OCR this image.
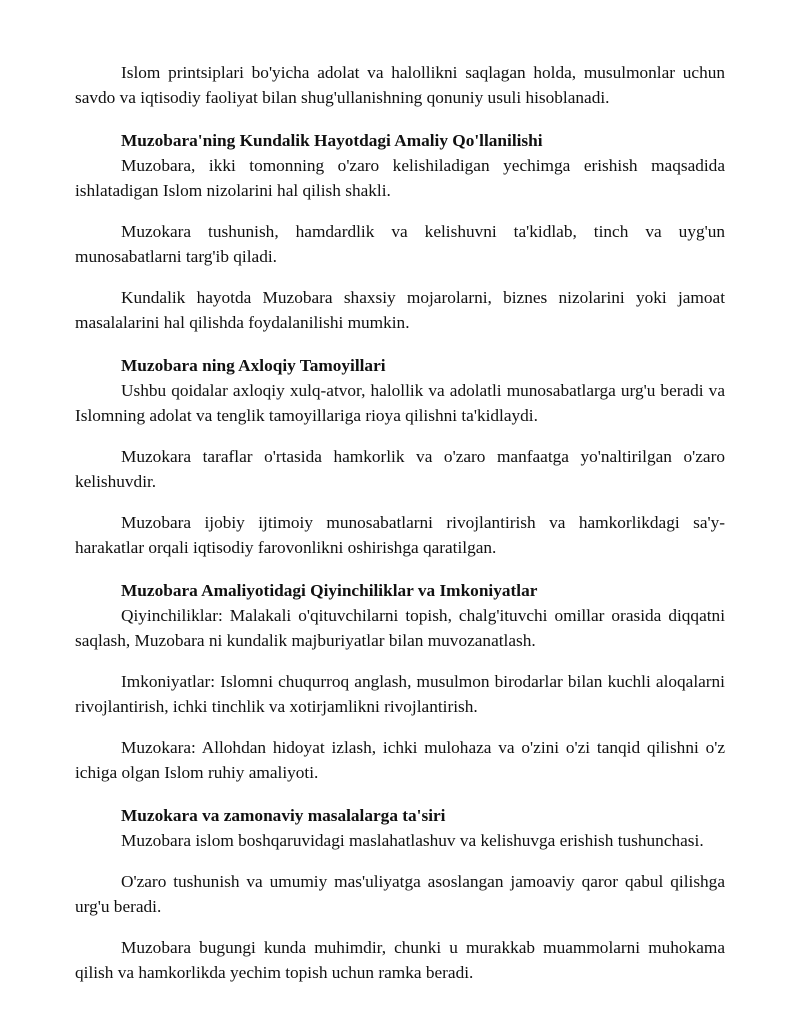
Islom printsiplari bo'yicha adolat va halollikni saqlagan holda, musulmonlar uchun savdo va iqtisodiy faoliyat bilan shug'ullanishning qonuniy usuli hisoblanadi.

Muzobara'ning Kundalik Hayotdagi Amaliy Qo'llanilishi

Muzobara, ikki tomonning o'zaro kelishiladigan yechimga erishish maqsadida ishlatadigan Islom nizolarini hal qilish shakli.

Muzokara tushunish, hamdardlik va kelishuvni ta'kidlab, tinch va uyg'un munosabatlarni targ'ib qiladi.

Kundalik hayotda Muzobara shaxsiy mojarolarni, biznes nizolarini yoki jamoat masalalarini hal qilishda foydalanilishi mumkin.

Muzobara ning Axloqiy Tamoyillari

Ushbu qoidalar axloqiy xulq-atvor, halollik va adolatli munosabatlarga urg'u beradi va Islomning adolat va tenglik tamoyillariga rioya qilishni ta'kidlaydi.

Muzokara taraflar o'rtasida hamkorlik va o'zaro manfaatga yo'naltirilgan o'zaro kelishuvdir.

Muzobara ijobiy ijtimoiy munosabatlarni rivojlantirish va hamkorlikdagi sa'y-harakatlar orqali iqtisodiy farovonlikni oshirishga qaratilgan.

Muzobara Amaliyotidagi Qiyinchiliklar va Imkoniyatlar

Qiyinchiliklar: Malakali o'qituvchilarni topish, chalg'ituvchi omillar orasida diqqatni saqlash, Muzobara ni kundalik majburiyatlar bilan muvozanatlash.

Imkoniyatlar: Islomni chuqurroq anglash, musulmon birodarlar bilan kuchli aloqalarni rivojlantirish, ichki tinchlik va xotirjamlikni rivojlantirish.

Muzokara: Allohdan hidoyat izlash, ichki mulohaza va o'zini o'zi tanqid qilishni o'z ichiga olgan Islom ruhiy amaliyoti.

Muzokara va zamonaviy masalalarga ta'siri

Muzobara islom boshqaruvidagi maslahatlashuv va kelishuvga erishish tushunchasi.

O'zaro tushunish va umumiy mas'uliyatga asoslangan jamoaviy qaror qabul qilishga urg'u beradi.

Muzobara bugungi kunda muhimdir, chunki u murakkab muammolarni muhokama qilish va hamkorlikda yechim topish uchun ramka beradi.
